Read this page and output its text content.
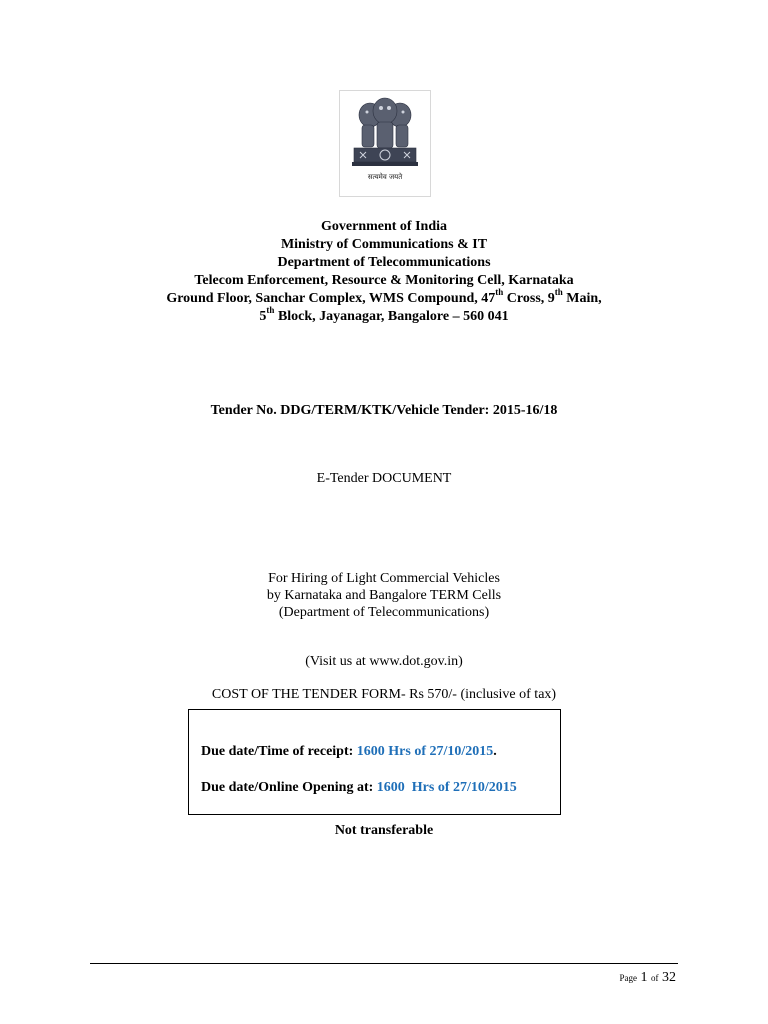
सत्यमेव जयते
Government of India
Ministry of Communications & IT
Department of Telecommunications
Telecom Enforcement, Resource & Monitoring Cell, Karnataka
Ground Floor, Sanchar Complex, WMS Compound, 47th Cross, 9th Main,
5th Block, Jayanagar, Bangalore – 560 041
Tender No. DDG/TERM/KTK/Vehicle Tender: 2015-16/18
E-Tender DOCUMENT
For Hiring of Light Commercial Vehicles
by Karnataka and Bangalore TERM Cells
(Department of Telecommunications)
(Visit us at www.dot.gov.in)
COST OF THE TENDER FORM- Rs 570/- (inclusive of tax)
Due date/Time of receipt: 1600 Hrs of 27/10/2015.
Due date/Online Opening at: 1600  Hrs of 27/10/2015
Not transferable
Page 1 of 32
